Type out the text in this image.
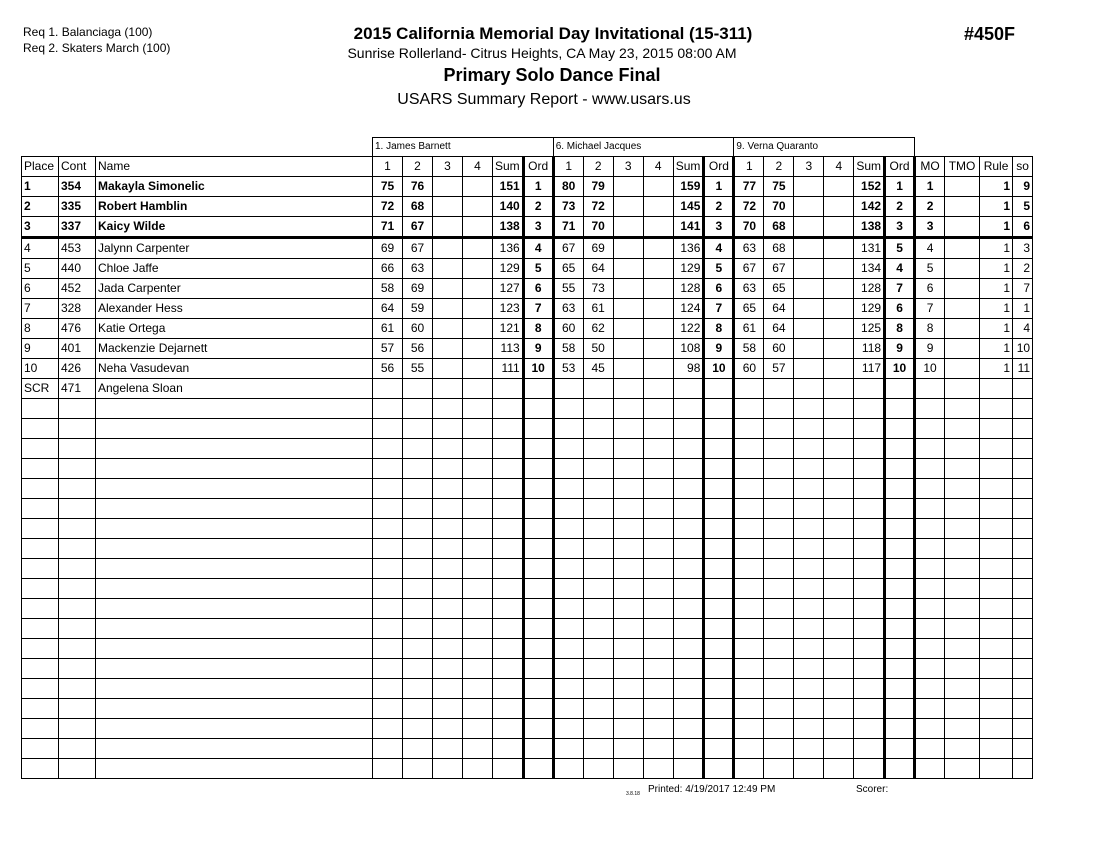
Req 1. Balanciaga (100)
Req 2. Skaters March (100)
2015 California Memorial Day Invitational (15-311)
Sunrise Rollerland- Citrus Heights, CA May 23, 2015 08:00 AM
Primary Solo Dance Final
USARS Summary Report - www.usars.us
#450F
			1. James Barnett						6. Michael Jacques						9. Verna Quaranto									
Place	Cont	Name	1	2	3	4	Sum	Ord	1	2	3	4	Sum	Ord	1	2	3	4	Sum	Ord	MO	TMO	Rule	so
1	354	Makayla Simonelic	75	76			151	1	80	79			159	1	77	75			152	1	1		1	9
2	335	Robert Hamblin	72	68			140	2	73	72			145	2	72	70			142	2	2		1	5
3	337	Kaicy Wilde	71	67			138	3	71	70			141	3	70	68			138	3	3		1	6
4	453	Jalynn Carpenter	69	67			136	4	67	69			136	4	63	68			131	5	4		1	3
5	440	Chloe Jaffe	66	63			129	5	65	64			129	5	67	67			134	4	5		1	2
6	452	Jada Carpenter	58	69			127	6	55	73			128	6	63	65			128	7	6		1	7
7	328	Alexander Hess	64	59			123	7	63	61			124	7	65	64			129	6	7		1	1
8	476	Katie Ortega	61	60			121	8	60	62			122	8	61	64			125	8	8		1	4
9	401	Mackenzie Dejarnett	57	56			113	9	58	50			108	9	58	60			118	9	9		1	10
10	426	Neha Vasudevan	56	55			111	10	53	45			98	10	60	57			117	10	10		1	11
SCR	471	Angelena Sloan																						

3.8.18 Printed: 4/19/2017 12:49 PM	Scorer:
